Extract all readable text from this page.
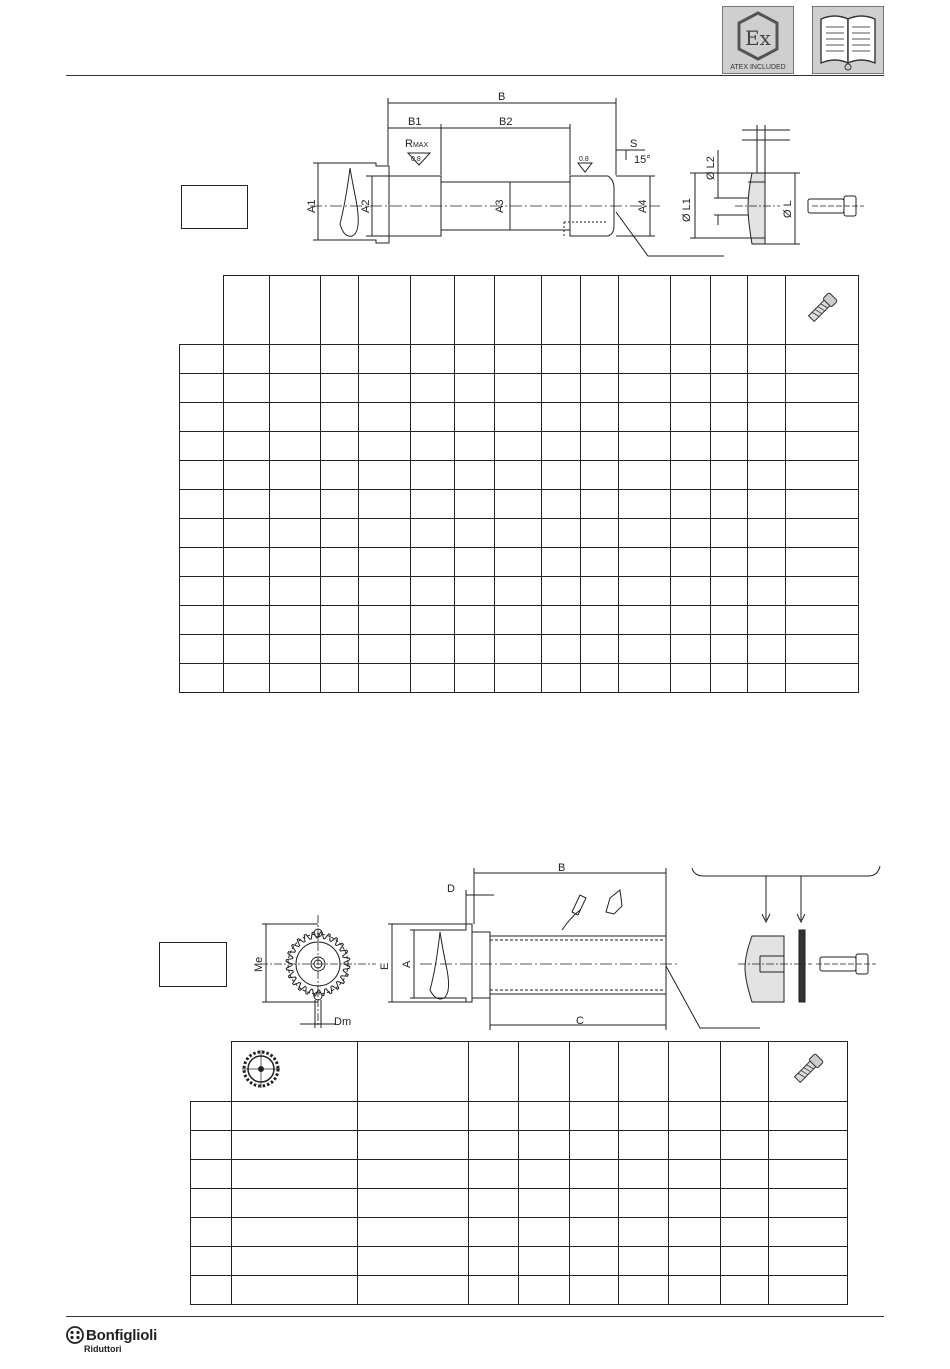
Ex
ATEX INCLUDED
B
B1	B2
RMAX
0.8	0.8
S
15°
A1	A2	A3	A4	Ø L1
Ø L2
Ø L

B
D
Me	E A
Dm	C

Bonfiglioli
Riduttori
